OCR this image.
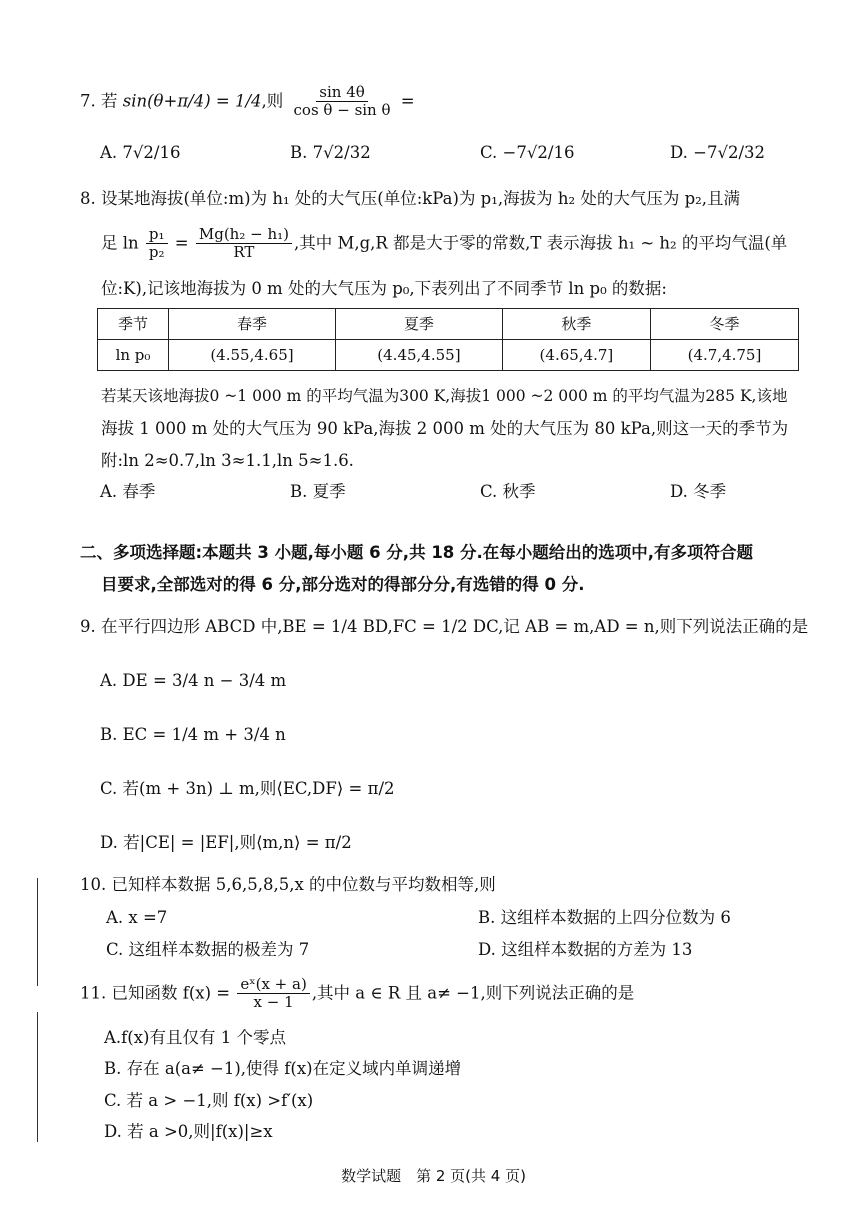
7. 若 sin(θ+π/4) = 1/4,则 $\frac{\sin 4\theta}{\text{cos θ − sin θ}}$ =
A. 7√2/16	B. 7√2/32	C. −7√2/16	D. −7√2/32
8. 设某地海拔(单位:m)为 h₁ 处的大气压(单位:kPa)为 p₁,海拔为 h₂ 处的大气压为 p₂,且满
足 $\ln \frac{\text{p₁}}{\text{p₂}} = \frac{\text{Mg(h₂ − h₁)}}{RT}$ ,其中 M,g,R 都是大于零的常数,T 表示海拔 h₁ ~ h₂ 的平均气温(单
位:K),记该地海拔为 0 m 处的大气压为 p₀,下表列出了不同季节 ln p₀ 的数据:
季节	春季	夏季	秋季	冬季
ln p₀	(4.55,4.65]	(4.45,4.55]	(4.65,4.7]	(4.7,4.75]
若某天该地海拔0 ~1 000 m 的平均气温为300 K,海拔1 000 ~2 000 m 的平均气温为285 K,该地
海拔 1 000 m 处的大气压为 90 kPa,海拔 2 000 m 处的大气压为 80 kPa,则这一天的季节为
附:ln 2≈0.7,ln 3≈1.1,ln 5≈1.6.
A. 春季	B. 夏季	C. 秋季	D. 冬季
二、多项选择题:本题共 3 小题,每小题 6 分,共 18 分.在每小题给出的选项中,有多项符合题
目要求,全部选对的得 6 分,部分选对的得部分分,有选错的得 0 分.
9. 在平行四边形 ABCD 中,BE = 1/4 BD,FC = 1/2 DC,记 AB = m,AD = n,则下列说法正确的是
A. DE = 3/4 n − 3/4 m
B. EC = 1/4 m + 3/4 n
C. 若(m + 3n) ⊥ m,则⟨EC,DF⟩ = π/2
D. 若|CE| = |EF|,则⟨m,n⟩ = π/2
10. 已知样本数据 5,6,5,8,5,x 的中位数与平均数相等,则
A. x =7	B. 这组样本数据的上四分位数为 6
C. 这组样本数据的极差为 7	D. 这组样本数据的方差为 13
11. 已知函数 $f(x) = \frac{\text{eˣ(x + a)}}{x - 1}$ ,其中 a ∈ R 且 a≠ −1,则下列说法正确的是
A.f(x)有且仅有 1 个零点
B. 存在 a(a≠ −1),使得 f(x)在定义域内单调递增
C. 若 a > −1,则 f(x) >f′(x)
D. 若 a >0,则|f(x)|≥x
数学试题　第 2 页(共 4 页)
